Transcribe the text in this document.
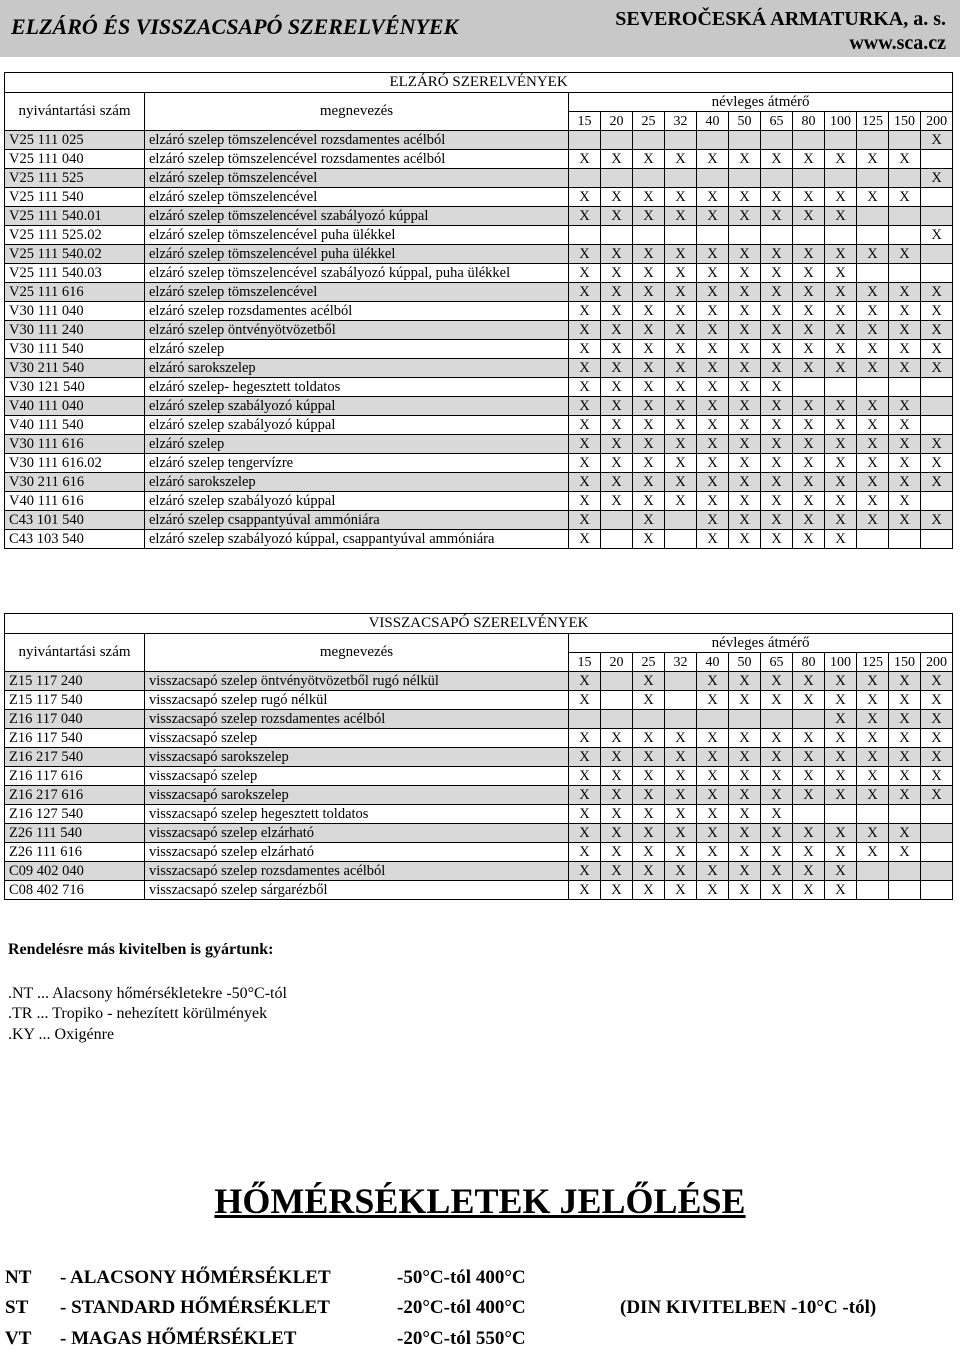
ELZÁRÓ ÉS VISSZACSAPÓ SZERELVÉNYEK	SEVEROČESKÁ ARMATURKA, a. s.
www.sca.cz
ELZÁRÓ SZERELVÉNYEK													
nyivántartási szám	megnevezés	névleges átmérő											
		15	20	25	32	40	50	65	80	100	125	150	200
V25 111 025	elzáró szelep tömszelencével rozsdamentes acélból												X
V25 111 040	elzáró szelep tömszelencével rozsdamentes acélból	X	X	X	X	X	X	X	X	X	X	X	
V25 111 525	elzáró szelep tömszelencével												X
V25 111 540	elzáró szelep tömszelencével	X	X	X	X	X	X	X	X	X	X	X	
V25 111 540.01	elzáró szelep tömszelencével szabályozó kúppal	X	X	X	X	X	X	X	X	X			
V25 111 525.02	elzáró szelep tömszelencével puha ülékkel												X
V25 111 540.02	elzáró szelep tömszelencével puha ülékkel	X	X	X	X	X	X	X	X	X	X	X	
V25 111 540.03	elzáró szelep tömszelencével szabályozó kúppal, puha ülékkel	X	X	X	X	X	X	X	X	X			
V25 111 616	elzáró szelep tömszelencével	X	X	X	X	X	X	X	X	X	X	X	X
V30 111 040	elzáró szelep rozsdamentes acélból	X	X	X	X	X	X	X	X	X	X	X	X
V30 111 240	elzáró szelep öntvényötvözetből	X	X	X	X	X	X	X	X	X	X	X	X
V30 111 540	elzáró szelep	X	X	X	X	X	X	X	X	X	X	X	X
V30 211 540	elzáró sarokszelep	X	X	X	X	X	X	X	X	X	X	X	X
V30 121 540	elzáró szelep- hegesztett toldatos	X	X	X	X	X	X	X					
V40 111 040	elzáró szelep szabályozó kúppal	X	X	X	X	X	X	X	X	X	X	X	
V40 111 540	elzáró szelep szabályozó kúppal	X	X	X	X	X	X	X	X	X	X	X	
V30 111 616	elzáró szelep	X	X	X	X	X	X	X	X	X	X	X	X
V30 111 616.02	elzáró szelep tengervízre	X	X	X	X	X	X	X	X	X	X	X	X
V30 211 616	elzáró sarokszelep	X	X	X	X	X	X	X	X	X	X	X	X
V40 111 616	elzáró szelep szabályozó kúppal	X	X	X	X	X	X	X	X	X	X	X	
C43 101 540	elzáró szelep csappantyúval ammóniára	X		X		X	X	X	X	X	X	X	X
C43 103 540	elzáró szelep szabályozó kúppal, csappantyúval ammóniára	X		X		X	X	X	X	X			
VISSZACSAPÓ SZERELVÉNYEK													
nyivántartási szám	megnevezés	névleges átmérő											
		15	20	25	32	40	50	65	80	100	125	150	200
Z15 117 240	visszacsapó szelep öntvényötvözetből rugó nélkül	X		X		X	X	X	X	X	X	X	X
Z15 117 540	visszacsapó szelep rugó nélkül	X		X		X	X	X	X	X	X	X	X
Z16 117 040	visszacsapó szelep rozsdamentes acélból									X	X	X	X
Z16 117 540	visszacsapó szelep	X	X	X	X	X	X	X	X	X	X	X	X
Z16 217 540	visszacsapó sarokszelep	X	X	X	X	X	X	X	X	X	X	X	X
Z16 117 616	visszacsapó szelep	X	X	X	X	X	X	X	X	X	X	X	X
Z16 217 616	visszacsapó sarokszelep	X	X	X	X	X	X	X	X	X	X	X	X
Z16 127 540	visszacsapó szelep hegesztett toldatos	X	X	X	X	X	X	X					
Z26 111 540	visszacsapó szelep elzárható	X	X	X	X	X	X	X	X	X	X	X	
Z26 111 616	visszacsapó szelep elzárható	X	X	X	X	X	X	X	X	X	X	X	
C09 402 040	visszacsapó szelep rozsdamentes acélból	X	X	X	X	X	X	X	X	X			
C08 402 716	visszacsapó szelep sárgarézből	X	X	X	X	X	X	X	X	X			
Rendelésre más kivitelben is gyártunk:
.NT ... Alacsony hőmérsékletekre -50°C-tól
.TR ... Tropiko - nehezített körülmények
.KY ... Oxigénre
HŐMÉRSÉKLETEK JELŐLÉSE
NT - ALACSONY HŐMÉRSÉKLET	-50°C-tól 400°C
ST - STANDARD HŐMÉRSÉKLET	-20°C-tól 400°C	(DIN KIVITELBEN -10°C -tól)
VT - MAGAS HŐMÉRSÉKLET	-20°C-tól 550°C
